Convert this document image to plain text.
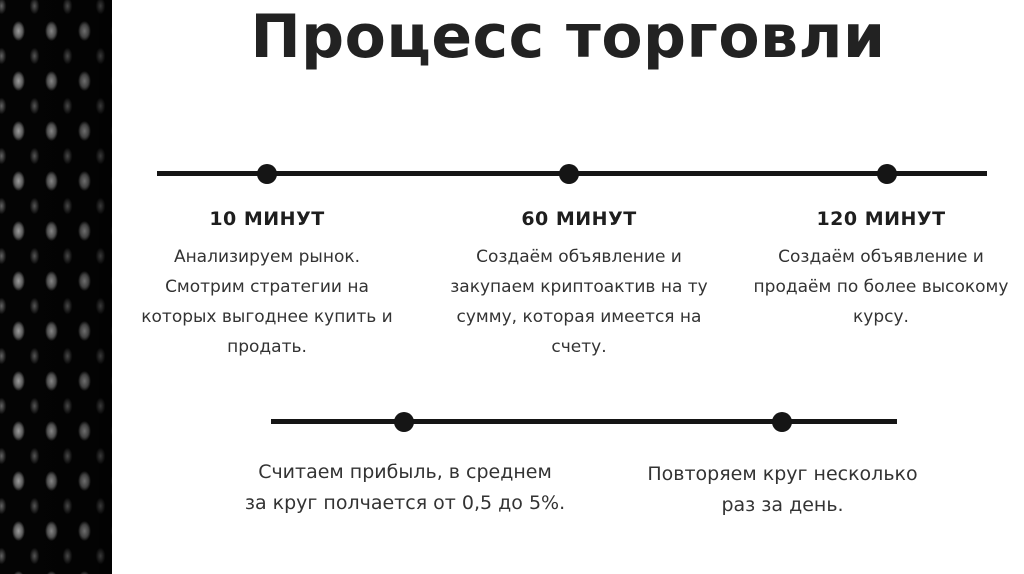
Процесс торговли
10 МИНУТ
Анализируем рынок.
Смотрим стратегии на
которых выгоднее купить и
продать.
60 МИНУТ
Создаём объявление и
закупаем криптоактив на ту
сумму, которая имеется на
счету.
120 МИНУТ
Создаём объявление и
продаём по более высокому
курсу.
Считаем прибыль, в среднем
за круг полчается от 0,5 до 5%.
Повторяем круг несколько
раз за день.
